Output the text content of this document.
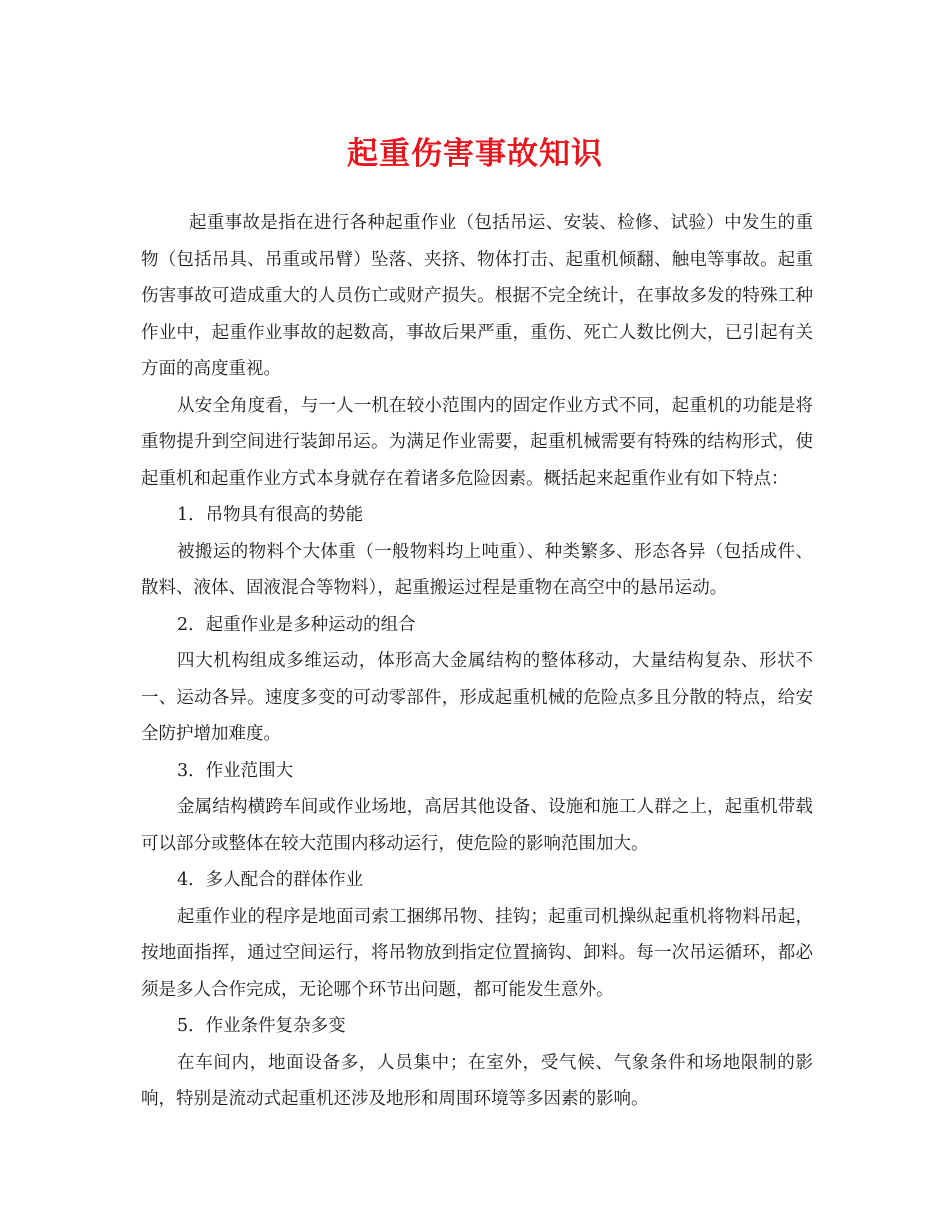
起重伤害事故知识

起重事故是指在进行各种起重作业（包括吊运、安装、检修、试验）中发生的重物（包括吊具、吊重或吊臂）坠落、夹挤、物体打击、起重机倾翻、触电等事故。起重伤害事故可造成重大的人员伤亡或财产损失。根据不完全统计，在事故多发的特殊工种作业中，起重作业事故的起数高，事故后果严重，重伤、死亡人数比例大，已引起有关方面的高度重视。

从安全角度看，与一人一机在较小范围内的固定作业方式不同，起重机的功能是将重物提升到空间进行装卸吊运。为满足作业需要，起重机械需要有特殊的结构形式，使起重机和起重作业方式本身就存在着诸多危险因素。概括起来起重作业有如下特点：

1．吊物具有很高的势能

被搬运的物料个大体重（一般物料均上吨重）、种类繁多、形态各异（包括成件、散料、液体、固液混合等物料），起重搬运过程是重物在高空中的悬吊运动。

2．起重作业是多种运动的组合

四大机构组成多维运动，体形高大金属结构的整体移动，大量结构复杂、形状不一、运动各异。速度多变的可动零部件，形成起重机械的危险点多且分散的特点，给安全防护增加难度。

3．作业范围大

金属结构横跨车间或作业场地，高居其他设备、设施和施工人群之上，起重机带载可以部分或整体在较大范围内移动运行，使危险的影响范围加大。

4．多人配合的群体作业

起重作业的程序是地面司索工捆绑吊物、挂钩；起重司机操纵起重机将物料吊起，按地面指挥，通过空间运行，将吊物放到指定位置摘钩、卸料。每一次吊运循环，都必须是多人合作完成，无论哪个环节出问题，都可能发生意外。

5．作业条件复杂多变

在车间内，地面设备多，人员集中；在室外，受气候、气象条件和场地限制的影响，特别是流动式起重机还涉及地形和周围环境等多因素的影响。
